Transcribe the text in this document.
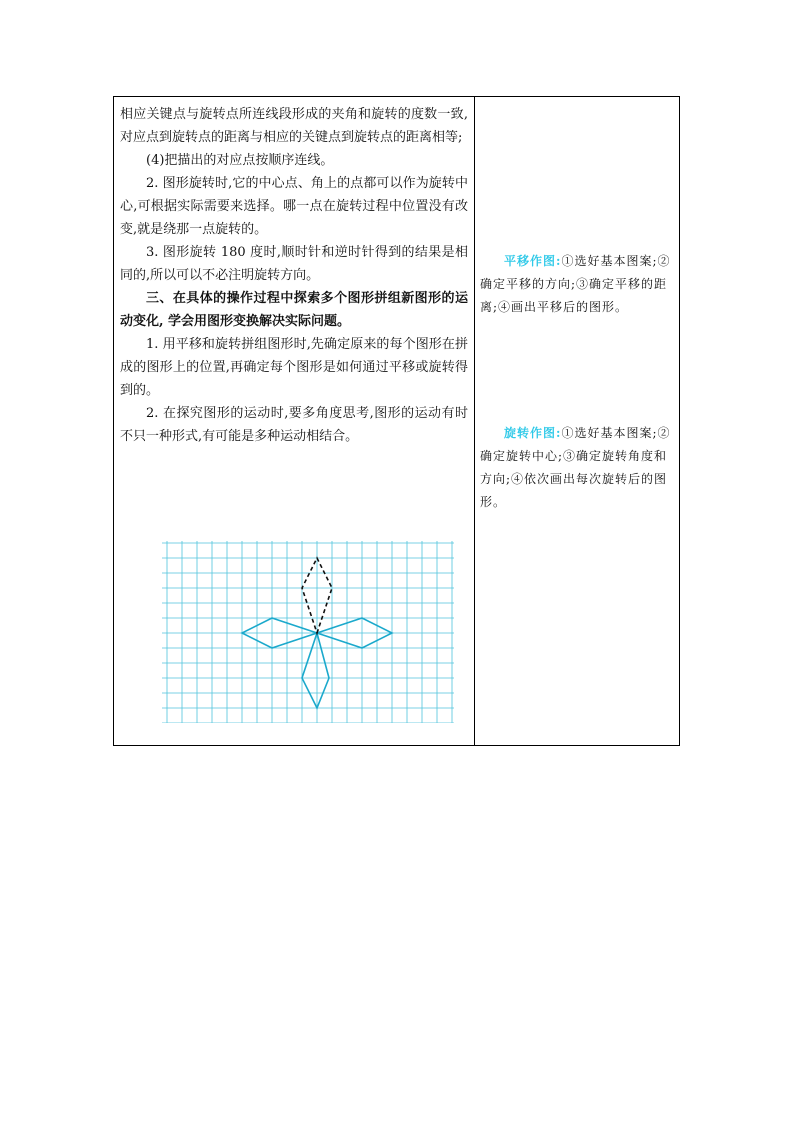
相应关键点与旋转点所连线段形成的夹角和旋转的度数一致,对应点到旋转点的距离与相应的关键点到旋转点的距离相等;

(4)把描出的对应点按顺序连线。

2. 图形旋转时,它的中心点、角上的点都可以作为旋转中心,可根据实际需要来选择。哪一点在旋转过程中位置没有改变,就是绕那一点旋转的。

3. 图形旋转 180 度时,顺时针和逆时针得到的结果是相同的,所以可以不必注明旋转方向。

三、在具体的操作过程中探索多个图形拼组新图形的运动变化, 学会用图形变换解决实际问题。

1. 用平移和旋转拼组图形时,先确定原来的每个图形在拼成的图形上的位置,再确定每个图形是如何通过平移或旋转得到的。

2. 在探究图形的运动时,要多角度思考,图形的运动有时不只一种形式,有可能是多种运动相结合。

平移作图:①选好基本图案;②确定平移的方向;③确定平移的距离;④画出平移后的图形。

旋转作图:①选好基本图案;②确定旋转中心;③确定旋转角度和方向;④依次画出每次旋转后的图形。
